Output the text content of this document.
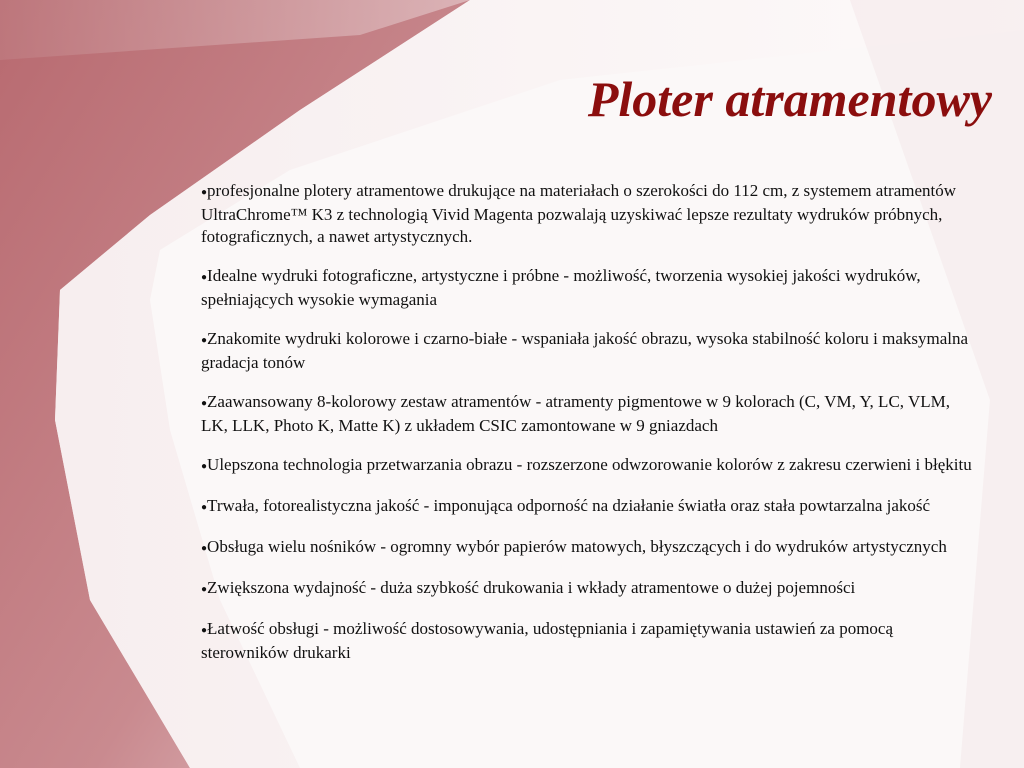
Ploter atramentowy
●profesjonalne plotery atramentowe drukujące na materiałach o szerokości do 112 cm, z systemem atramentów UltraChrome™ K3 z technologią Vivid Magenta pozwalają uzyskiwać lepsze rezultaty wydruków próbnych, fotograficznych, a nawet artystycznych.
●Idealne wydruki fotograficzne, artystyczne i próbne - możliwość, tworzenia wysokiej jakości wydruków, spełniających wysokie wymagania
●Znakomite wydruki kolorowe i czarno-białe - wspaniała jakość obrazu, wysoka stabilność koloru i maksymalna gradacja tonów
●Zaawansowany 8-kolorowy zestaw atramentów - atramenty pigmentowe w 9 kolorach (C, VM, Y, LC, VLM, LK, LLK, Photo K, Matte K) z układem CSIC zamontowane w 9 gniazdach
●Ulepszona technologia przetwarzania obrazu - rozszerzone odwzorowanie kolorów z zakresu czerwieni i błękitu
●Trwała, fotorealistyczna jakość - imponująca odporność na działanie światła oraz stała powtarzalna jakość
●Obsługa wielu nośników - ogromny wybór papierów matowych, błyszczących i do wydruków artystycznych
●Zwiększona wydajność - duża szybkość drukowania i wkłady atramentowe o dużej pojemności
●Łatwość obsługi - możliwość dostosowywania, udostępniania i zapamiętywania ustawień za pomocą sterowników drukarki
